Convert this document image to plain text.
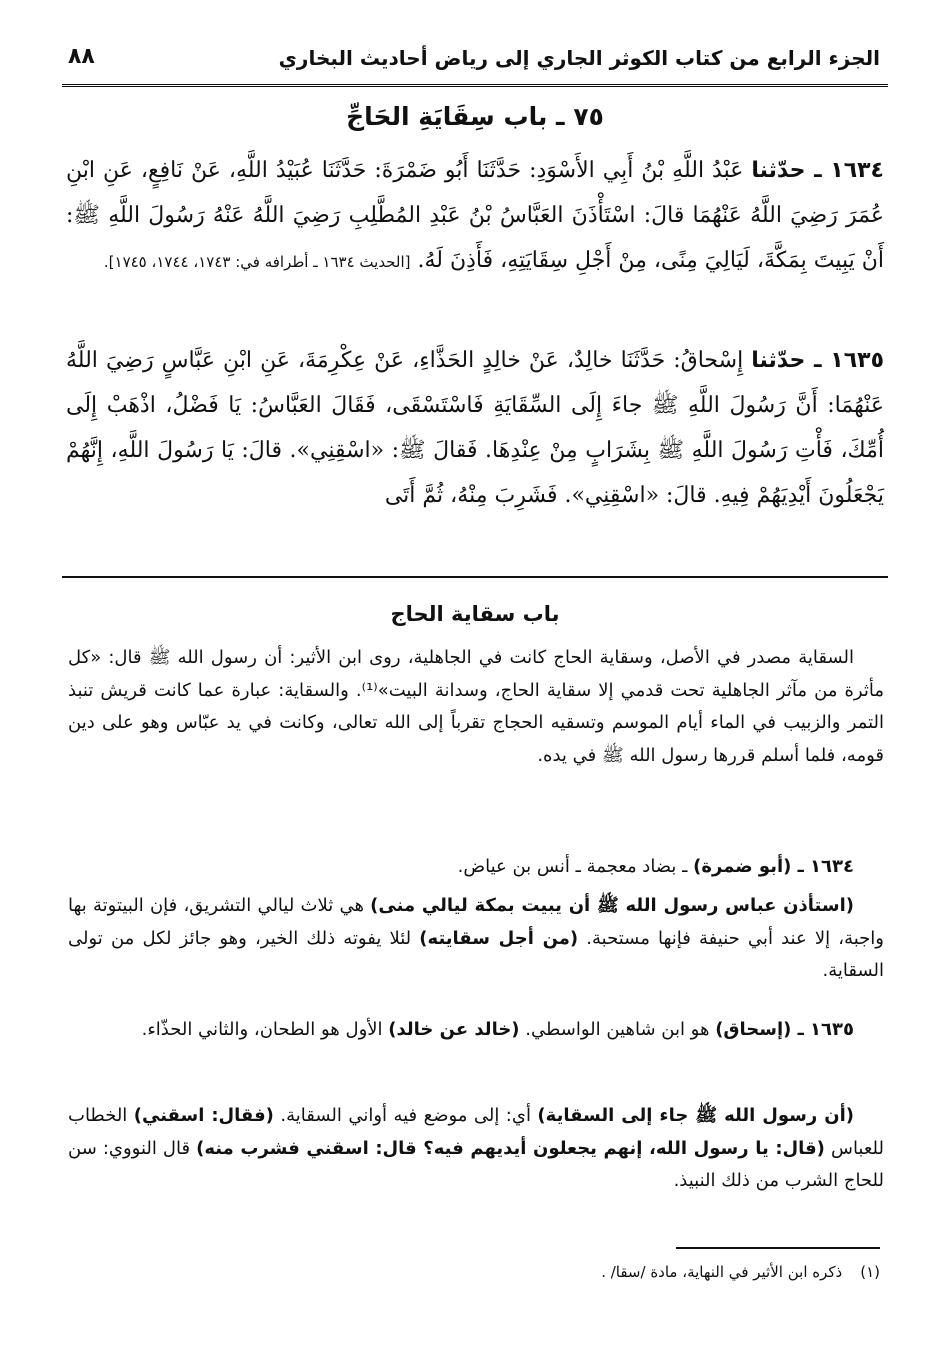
الجزء الرابع من كتاب الكوثر الجاري إلى رياض أحاديث البخاري
٨٨
٧٥ ـ باب سِقَايَةِ الحَاجِّ
١٦٣٤ ـ حدّثنا عَبْدُ اللَّهِ بْنُ أَبِي الأَسْوَدِ: حَدَّثَنَا أَبُو ضَمْرَةَ: حَدَّثَنَا عُبَيْدُ اللَّهِ، عَنْ نَافِعٍ، عَنِ ابْنِ عُمَرَ رَضِيَ اللَّهُ عَنْهُمَا قالَ: اسْتَأْذَنَ العَبَّاسُ بْنُ عَبْدِ المُطَّلِبِ رَضِيَ اللَّهُ عَنْهُ رَسُولَ اللَّهِ ﷺ: أَنْ يَبِيتَ بِمَكَّةَ، لَيَالِيَ مِنًى، مِنْ أَجْلِ سِقَايَتِهِ، فَأَذِنَ لَهُ. [الحديث ١٦٣٤ ـ أطرافه في: ١٧٤٣، ١٧٤٤، ١٧٤٥].
١٦٣٥ ـ حدّثنا إِسْحاقُ: حَدَّثَنَا خالِدٌ، عَنْ خالِدٍ الحَذَّاءِ، عَنْ عِكْرِمَةَ، عَنِ ابْنِ عَبَّاسٍ رَضِيَ اللَّهُ عَنْهُمَا: أَنَّ رَسُولَ اللَّهِ ﷺ جاءَ إِلَى السِّقَايَةِ فَاسْتَسْقَى، فَقَالَ العَبَّاسُ: يَا فَضْلُ، اذْهَبْ إِلَى أُمِّكَ، فَأْتِ رَسُولَ اللَّهِ ﷺ بِشَرَابٍ مِنْ عِنْدِهَا. فَقالَ ﷺ: «اسْقِنِي». قالَ: يَا رَسُولَ اللَّهِ، إِنَّهُمْ يَجْعَلُونَ أَيْدِيَهُمْ فِيهِ. قالَ: «اسْقِنِي». فَشَرِبَ مِنْهُ، ثُمَّ أَتَى
باب سقاية الحاج
السقاية مصدر في الأصل، وسقاية الحاج كانت في الجاهلية، روى ابن الأثير: أن رسول الله ﷺ قال: «كل مأثرة من مآثر الجاهلية تحت قدمي إلا سقاية الحاج، وسدانة البيت»⁽¹⁾. والسقاية: عبارة عما كانت قريش تنبذ التمر والزبيب في الماء أيام الموسم وتسقيه الحجاج تقرباً إلى الله تعالى، وكانت في يد عبّاس وهو على دين قومه، فلما أسلم قررها رسول الله ﷺ في يده.
١٦٣٤ ـ (أبو ضمرة) ـ بضاد معجمة ـ أنس بن عياض.
(استأذن عباس رسول الله ﷺ أن يبيت بمكة ليالي منى) هي ثلاث ليالي التشريق، فإن البيتوتة بها واجبة، إلا عند أبي حنيفة فإنها مستحبة. (من أجل سقايته) لئلا يفوته ذلك الخير، وهو جائز لكل من تولى السقاية.
١٦٣٥ ـ (إسحاق) هو ابن شاهين الواسطي. (خالد عن خالد) الأول هو الطحان، والثاني الحذّاء.
(أن رسول الله ﷺ جاء إلى السقاية) أي: إلى موضع فيه أواني السقاية. (فقال: اسقني) الخطاب للعباس (قال: يا رسول الله، إنهم يجعلون أيديهم فيه؟ قال: اسقني فشرب منه) قال النووي: سن للحاج الشرب من ذلك النبيذ.
(١)ذكره ابن الأثير في النهاية، مادة /سقا/ .
